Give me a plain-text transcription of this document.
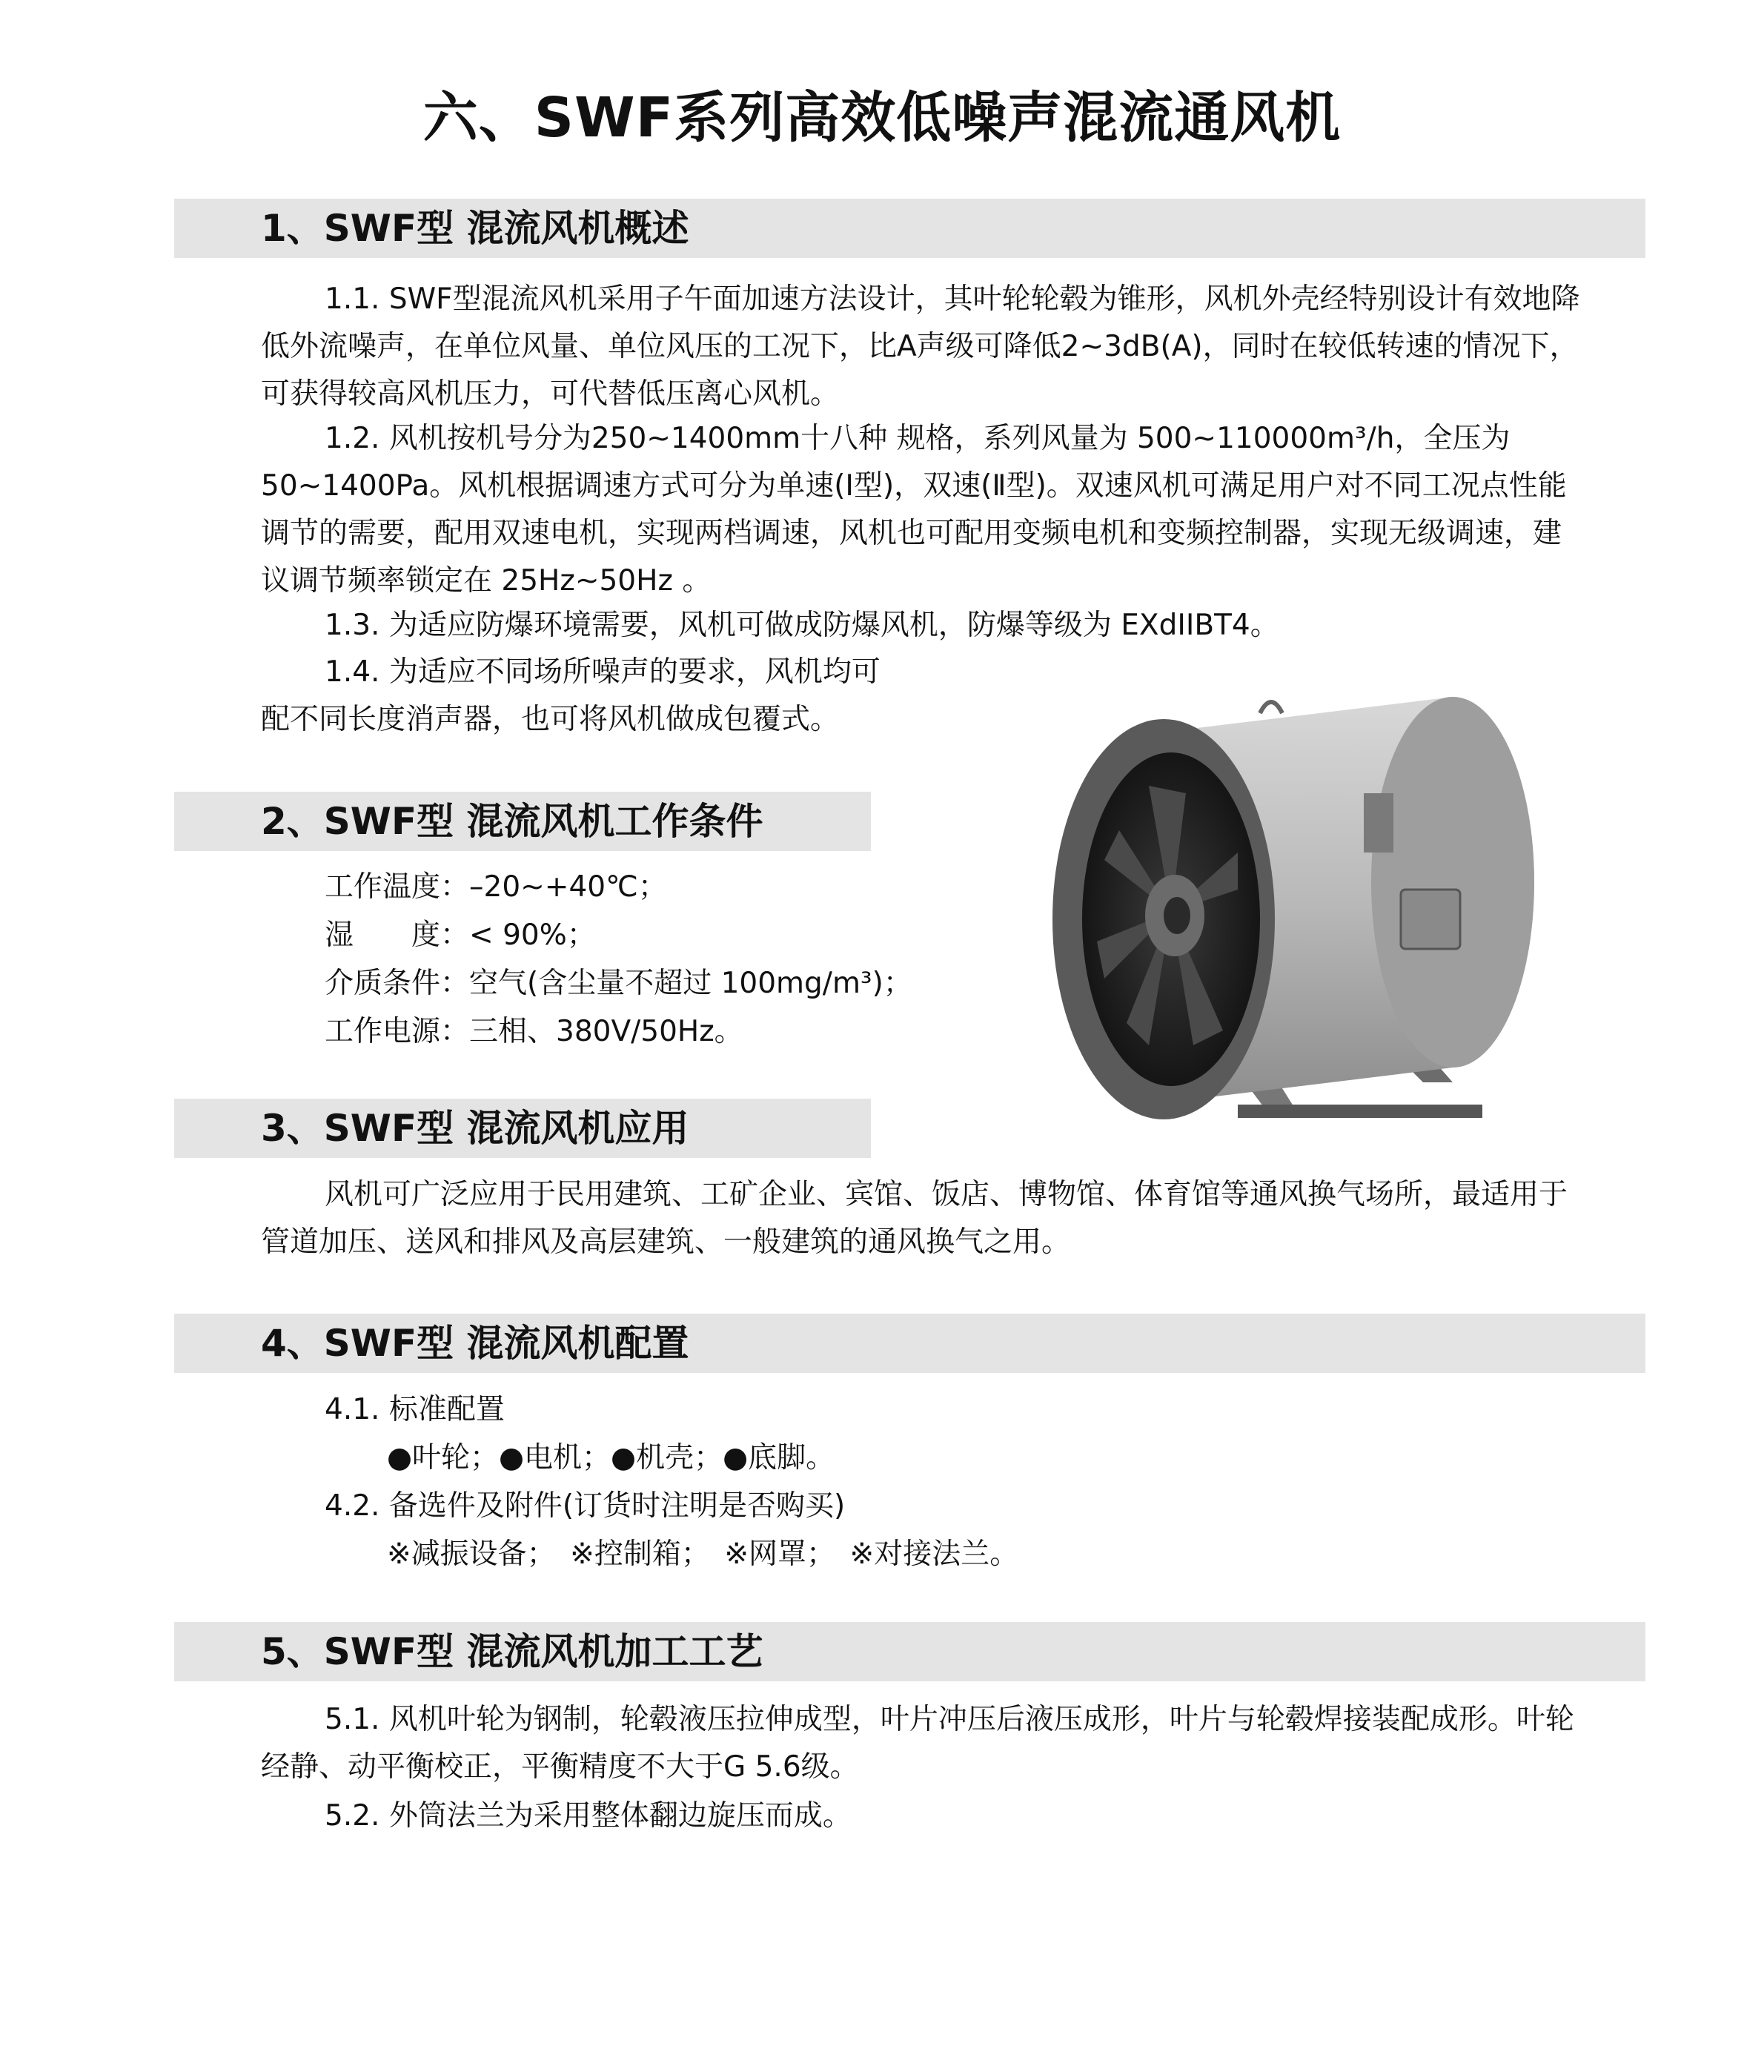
六、SWF系列高效低噪声混流通风机
1、SWF型 混流风机概述

1.1. SWF型混流风机采用子午面加速方法设计，其叶轮轮毂为锥形，风机外壳经特别设计有效地降低外流噪声，在单位风量、单位风压的工况下，比A声级可降低2~3dB(A)，同时在较低转速的情况下，可获得较高风机压力，可代替低压离心风机。

1.2. 风机按机号分为250~1400mm十八种 规格，系列风量为 500~110000m³/h，全压为50~1400Pa。风机根据调速方式可分为单速(Ⅰ型)，双速(Ⅱ型)。双速风机可满足用户对不同工况点性能调节的需要，配用双速电机，实现两档调速，风机也可配用变频电机和变频控制器，实现无级调速，建议调节频率锁定在 25Hz~50Hz 。

1.3. 为适应防爆环境需要，风机可做成防爆风机，防爆等级为 EXdIIBT4。

1.4. 为适应不同场所噪声的要求，风机均可配不同长度消声器，也可将风机做成包覆式。

2、SWF型 混流风机工作条件

工作温度：–20~+40℃；

湿　　度：< 90%；

介质条件：空气(含尘量不超过 100mg/m³)；

工作电源：三相、380V/50Hz。

3、SWF型 混流风机应用

风机可广泛应用于民用建筑、工矿企业、宾馆、饭店、博物馆、体育馆等通风换气场所，最适用于管道加压、送风和排风及高层建筑、一般建筑的通风换气之用。

4、SWF型 混流风机配置

4.1. 标准配置

●叶轮；●电机；●机壳；●底脚。

4.2. 备选件及附件(订货时注明是否购买)

※减振设备；　※控制箱；　※网罩；　※对接法兰。

5、SWF型 混流风机加工工艺

5.1. 风机叶轮为钢制，轮毂液压拉伸成型，叶片冲压后液压成形，叶片与轮毂焊接装配成形。叶轮经静、动平衡校正，平衡精度不大于G 5.6级。

5.2. 外筒法兰为采用整体翻边旋压而成。
